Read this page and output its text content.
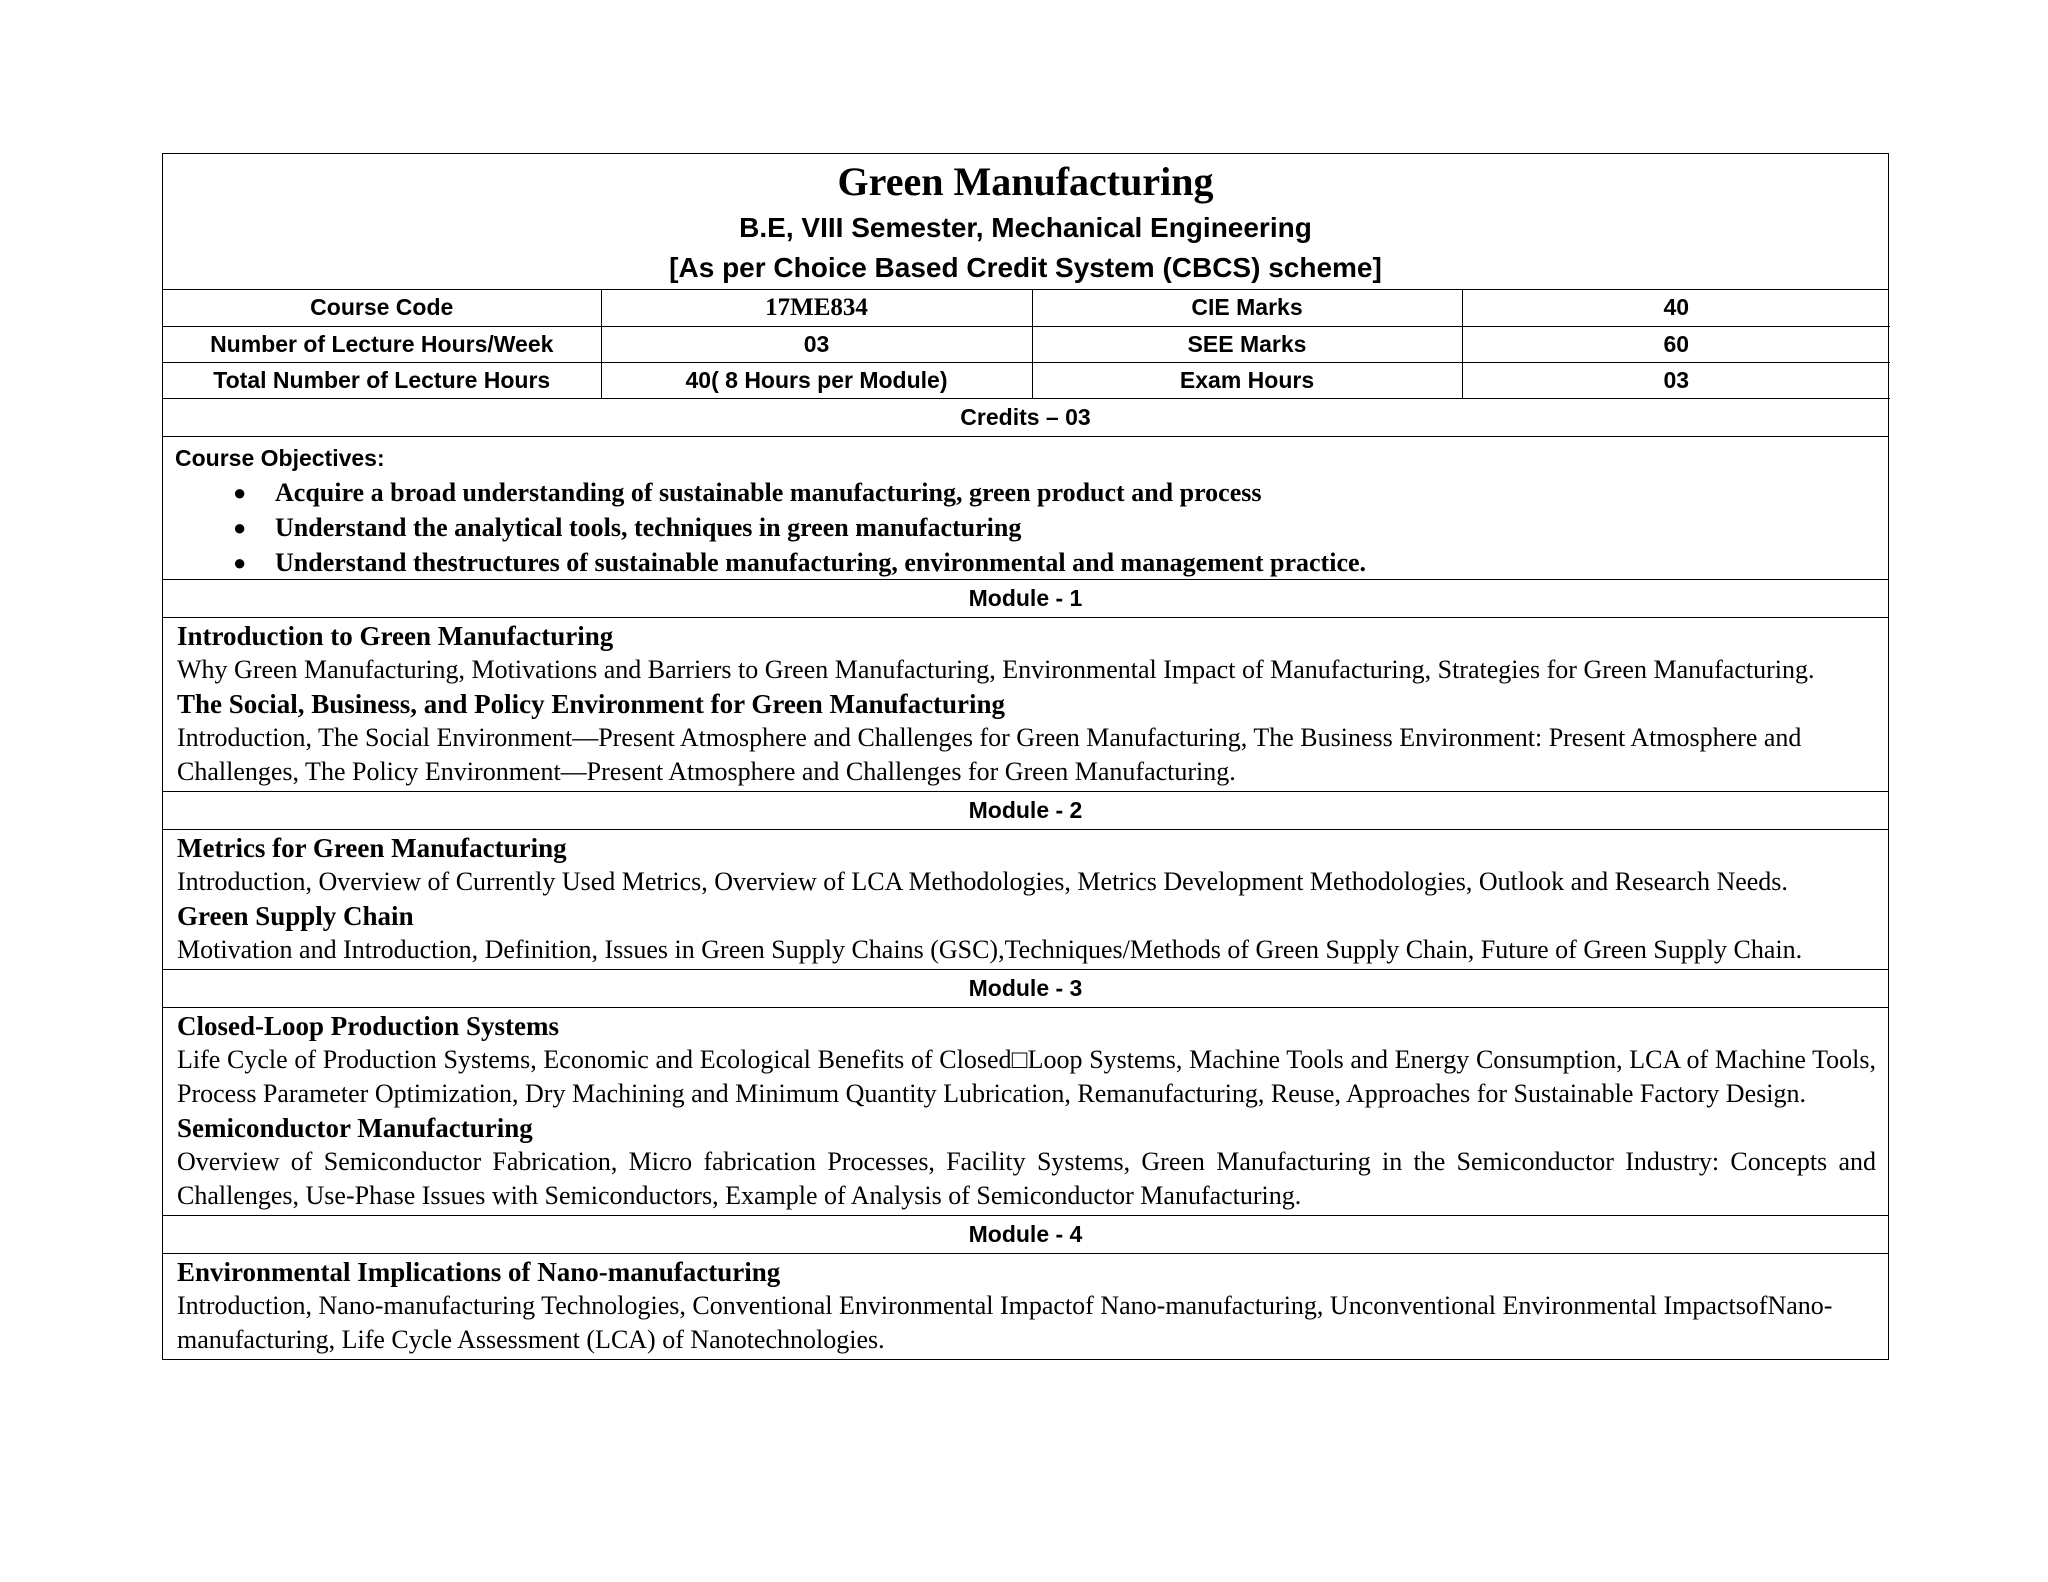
Green Manufacturing
B.E, VIII Semester, Mechanical Engineering
[As per Choice Based Credit System (CBCS) scheme]
Course Code	17ME834	CIE Marks	40
Number of Lecture Hours/Week	03	SEE Marks	60
Total Number of Lecture Hours	40( 8 Hours per Module)	Exam Hours	03
Credits – 03
Course Objectives:
● Acquire a broad understanding of sustainable manufacturing, green product and process
● Understand the analytical tools, techniques in green manufacturing
● Understand thestructures of sustainable manufacturing, environmental and management practice.
Module - 1
Introduction to Green Manufacturing
Why Green Manufacturing, Motivations and Barriers to Green Manufacturing, Environmental Impact of Manufacturing, Strategies for Green Manufacturing.
The Social, Business, and Policy Environment for Green Manufacturing
Introduction, The Social Environment—Present Atmosphere and Challenges for Green Manufacturing, The Business Environment: Present Atmosphere and Challenges, The Policy Environment—Present Atmosphere and Challenges for Green Manufacturing.
Module - 2
Metrics for Green Manufacturing
Introduction, Overview of Currently Used Metrics, Overview of LCA Methodologies, Metrics Development Methodologies, Outlook and Research Needs.
Green Supply Chain
Motivation and Introduction, Definition, Issues in Green Supply Chains (GSC),Techniques/Methods of Green Supply Chain, Future of Green Supply Chain.
Module - 3
Closed-Loop Production Systems
Life Cycle of Production Systems, Economic and Ecological Benefits of Closed□Loop Systems, Machine Tools and Energy Consumption, LCA of Machine Tools, Process Parameter Optimization, Dry Machining and Minimum Quantity Lubrication, Remanufacturing, Reuse, Approaches for Sustainable Factory Design.
Semiconductor Manufacturing
Overview of Semiconductor Fabrication, Micro fabrication Processes, Facility Systems, Green Manufacturing in the Semiconductor Industry: Concepts and Challenges, Use-Phase Issues with Semiconductors, Example of Analysis of Semiconductor Manufacturing.
Module - 4
Environmental Implications of Nano-manufacturing
Introduction, Nano-manufacturing Technologies, Conventional Environmental Impactof Nano-manufacturing, Unconventional Environmental ImpactsofNano-manufacturing, Life Cycle Assessment (LCA) of Nanotechnologies.
